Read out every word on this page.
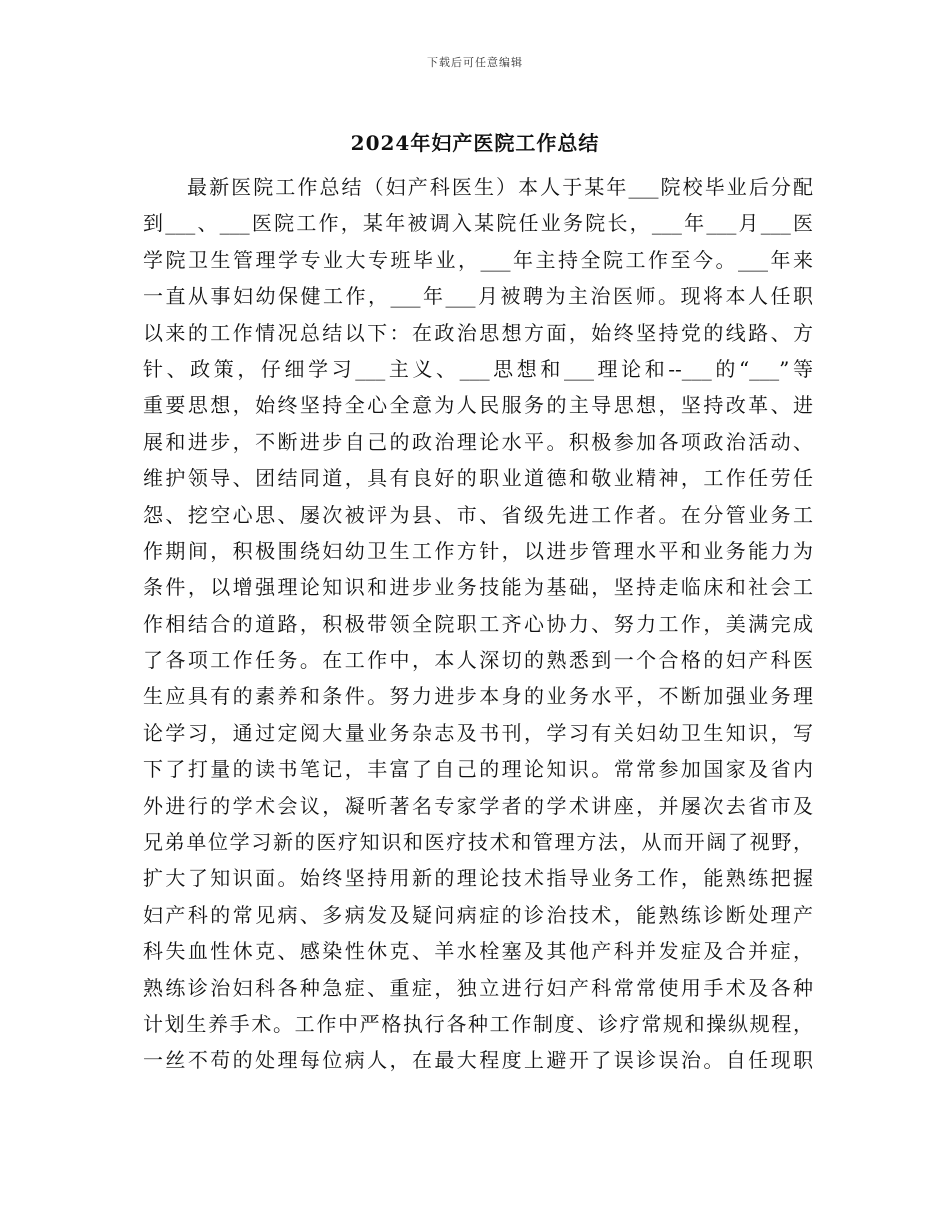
下载后可任意编辑
2024年妇产医院工作总结
最新医院工作总结（妇产科医生）本人于某年___院校毕业后分配
到___、___医院工作，某年被调入某院任业务院长，___年___月___医
学院卫生管理学专业大专班毕业，___年主持全院工作至今。___年来
一直从事妇幼保健工作，___年___月被聘为主治医师。现将本人任职
以来的工作情况总结以下：在政治思想方面，始终坚持党的线路、方
针、政策，仔细学习___主义、___思想和___理论和--___的“___”等
重要思想，始终坚持全心全意为人民服务的主导思想，坚持改革、进
展和进步，不断进步自己的政治理论水平。积极参加各项政治活动、
维护领导、团结同道，具有良好的职业道德和敬业精神，工作任劳任
怨、挖空心思、屡次被评为县、市、省级先进工作者。在分管业务工
作期间，积极围绕妇幼卫生工作方针，以进步管理水平和业务能力为
条件，以增强理论知识和进步业务技能为基础，坚持走临床和社会工
作相结合的道路，积极带领全院职工齐心协力、努力工作，美满完成
了各项工作任务。在工作中，本人深切的熟悉到一个合格的妇产科医
生应具有的素养和条件。努力进步本身的业务水平，不断加强业务理
论学习，通过定阅大量业务杂志及书刊，学习有关妇幼卫生知识，写
下了打量的读书笔记，丰富了自己的理论知识。常常参加国家及省内
外进行的学术会议，凝听著名专家学者的学术讲座，并屡次去省市及
兄弟单位学习新的医疗知识和医疗技术和管理方法，从而开阔了视野，
扩大了知识面。始终坚持用新的理论技术指导业务工作，能熟练把握
妇产科的常见病、多病发及疑问病症的诊治技术，能熟练诊断处理产
科失血性休克、感染性休克、羊水栓塞及其他产科并发症及合并症，
熟练诊治妇科各种急症、重症，独立进行妇产科常常使用手术及各种
计划生养手术。工作中严格执行各种工作制度、诊疗常规和操纵规程，
一丝不苟的处理每位病人，在最大程度上避开了误诊误治。自任现职
